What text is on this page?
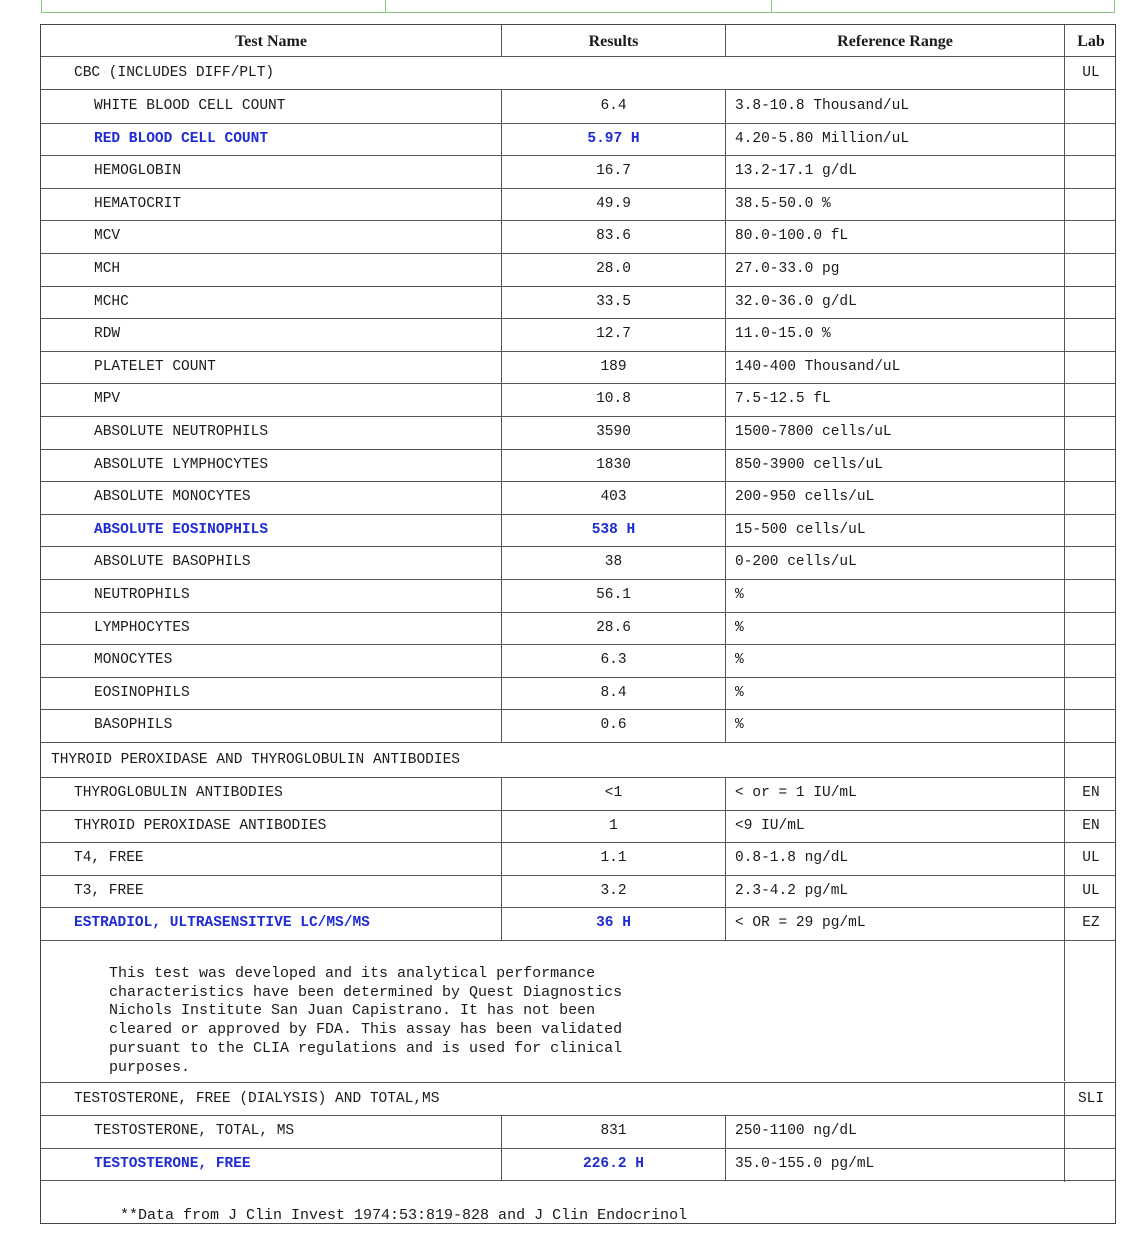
Test Name	Results	Reference Range	Lab
CBC (INCLUDES DIFF/PLT)	UL
WHITE BLOOD CELL COUNT	6.4	3.8-10.8 Thousand/uL
RED BLOOD CELL COUNT	5.97 H	4.20-5.80 Million/uL
HEMOGLOBIN	16.7	13.2-17.1 g/dL
HEMATOCRIT	49.9	38.5-50.0 %
MCV	83.6	80.0-100.0 fL
MCH	28.0	27.0-33.0 pg
MCHC	33.5	32.0-36.0 g/dL
RDW	12.7	11.0-15.0 %
PLATELET COUNT	189	140-400 Thousand/uL
MPV	10.8	7.5-12.5 fL
ABSOLUTE NEUTROPHILS	3590	1500-7800 cells/uL
ABSOLUTE LYMPHOCYTES	1830	850-3900 cells/uL
ABSOLUTE MONOCYTES	403	200-950 cells/uL
ABSOLUTE EOSINOPHILS	538 H	15-500 cells/uL
ABSOLUTE BASOPHILS	38	0-200 cells/uL
NEUTROPHILS	56.1	%
LYMPHOCYTES	28.6	%
MONOCYTES	6.3	%
EOSINOPHILS	8.4	%
BASOPHILS	0.6	%
THYROID PEROXIDASE AND THYROGLOBULIN ANTIBODIES
THYROGLOBULIN ANTIBODIES	<1	< or = 1 IU/mL	EN
THYROID PEROXIDASE ANTIBODIES	1	<9 IU/mL	EN
T4, FREE	1.1	0.8-1.8 ng/dL	UL
T3, FREE	3.2	2.3-4.2 pg/mL	UL
ESTRADIOL, ULTRASENSITIVE LC/MS/MS	36 H	< OR = 29 pg/mL	EZ
This test was developed and its analytical performance
characteristics have been determined by Quest Diagnostics
Nichols Institute San Juan Capistrano. It has not been
cleared or approved by FDA. This assay has been validated
pursuant to the CLIA regulations and is used for clinical
purposes.
TESTOSTERONE, FREE (DIALYSIS) AND TOTAL,MS	SLI
TESTOSTERONE, TOTAL, MS	831	250-1100 ng/dL
TESTOSTERONE, FREE	226.2 H	35.0-155.0 pg/mL
**Data from J Clin Invest 1974:53:819-828 and J Clin Endocrinol
